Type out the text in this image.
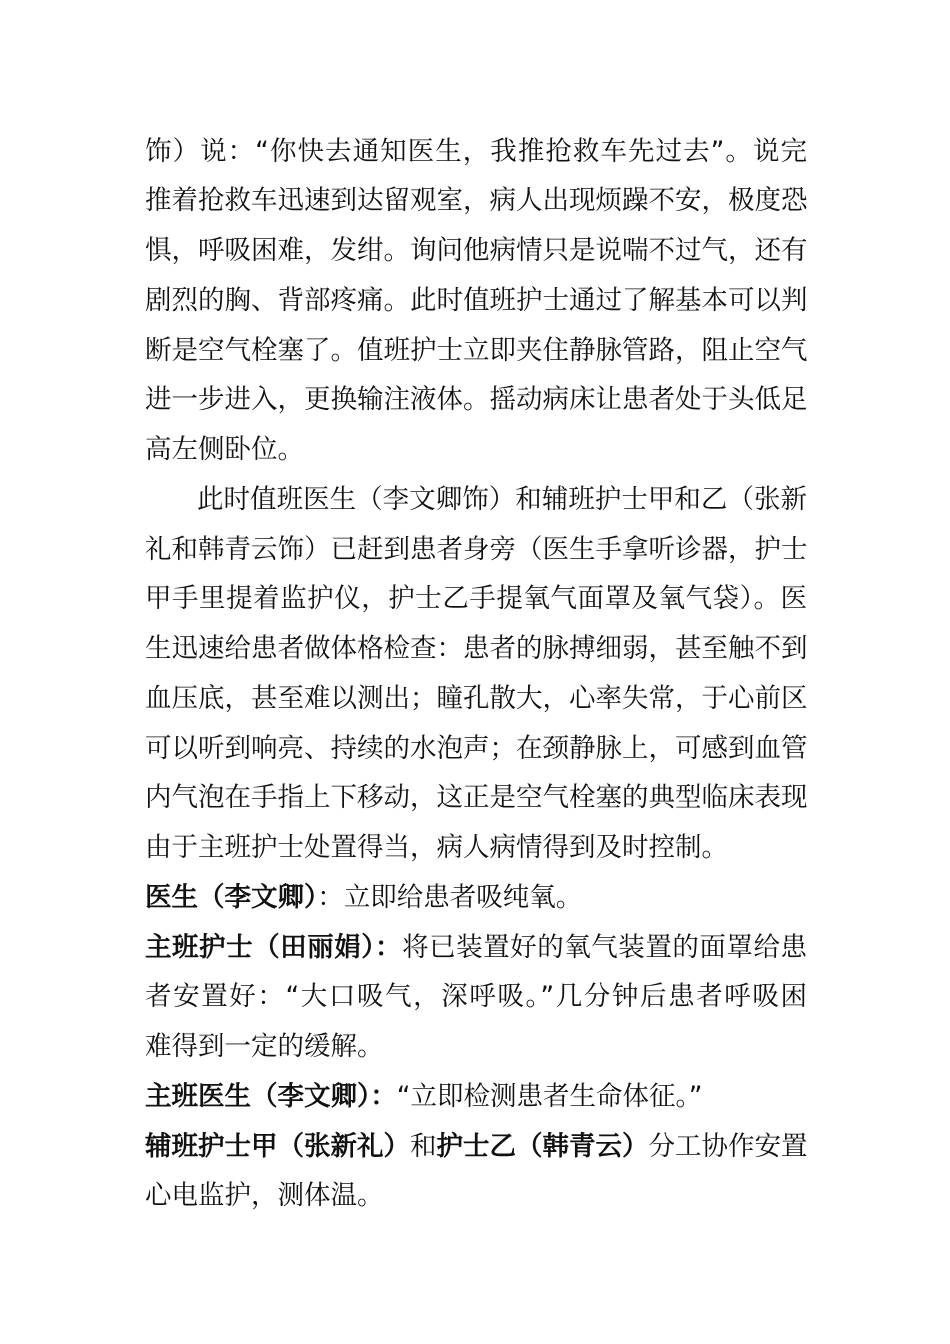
饰）说：“你快去通知医生，我推抢救车先过去”。说完
推着抢救车迅速到达留观室，病人出现烦躁不安，极度恐
惧，呼吸困难，发绀。询问他病情只是说喘不过气，还有
剧烈的胸、背部疼痛。此时值班护士通过了解基本可以判
断是空气栓塞了。值班护士立即夹住静脉管路，阻止空气
进一步进入，更换输注液体。摇动病床让患者处于头低足
高左侧卧位。
此时值班医生（李文卿饰）和辅班护士甲和乙（张新
礼和韩青云饰）已赶到患者身旁（医生手拿听诊器，护士
甲手里提着监护仪，护士乙手提氧气面罩及氧气袋）。医
生迅速给患者做体格检查：患者的脉搏细弱，甚至触不到
血压底，甚至难以测出；瞳孔散大，心率失常，于心前区
可以听到响亮、持续的水泡声；在颈静脉上，可感到血管
内气泡在手指上下移动，这正是空气栓塞的典型临床表现
由于主班护士处置得当，病人病情得到及时控制。
医生（李文卿）：立即给患者吸纯氧。
主班护士（田丽娟）：将已装置好的氧气装置的面罩给患
者安置好：“大口吸气，深呼吸。”几分钟后患者呼吸困
难得到一定的缓解。
主班医生（李文卿）：“立即检测患者生命体征。”
辅班护士甲（张新礼）和护士乙（韩青云）分工协作安置
心电监护，测体温。
